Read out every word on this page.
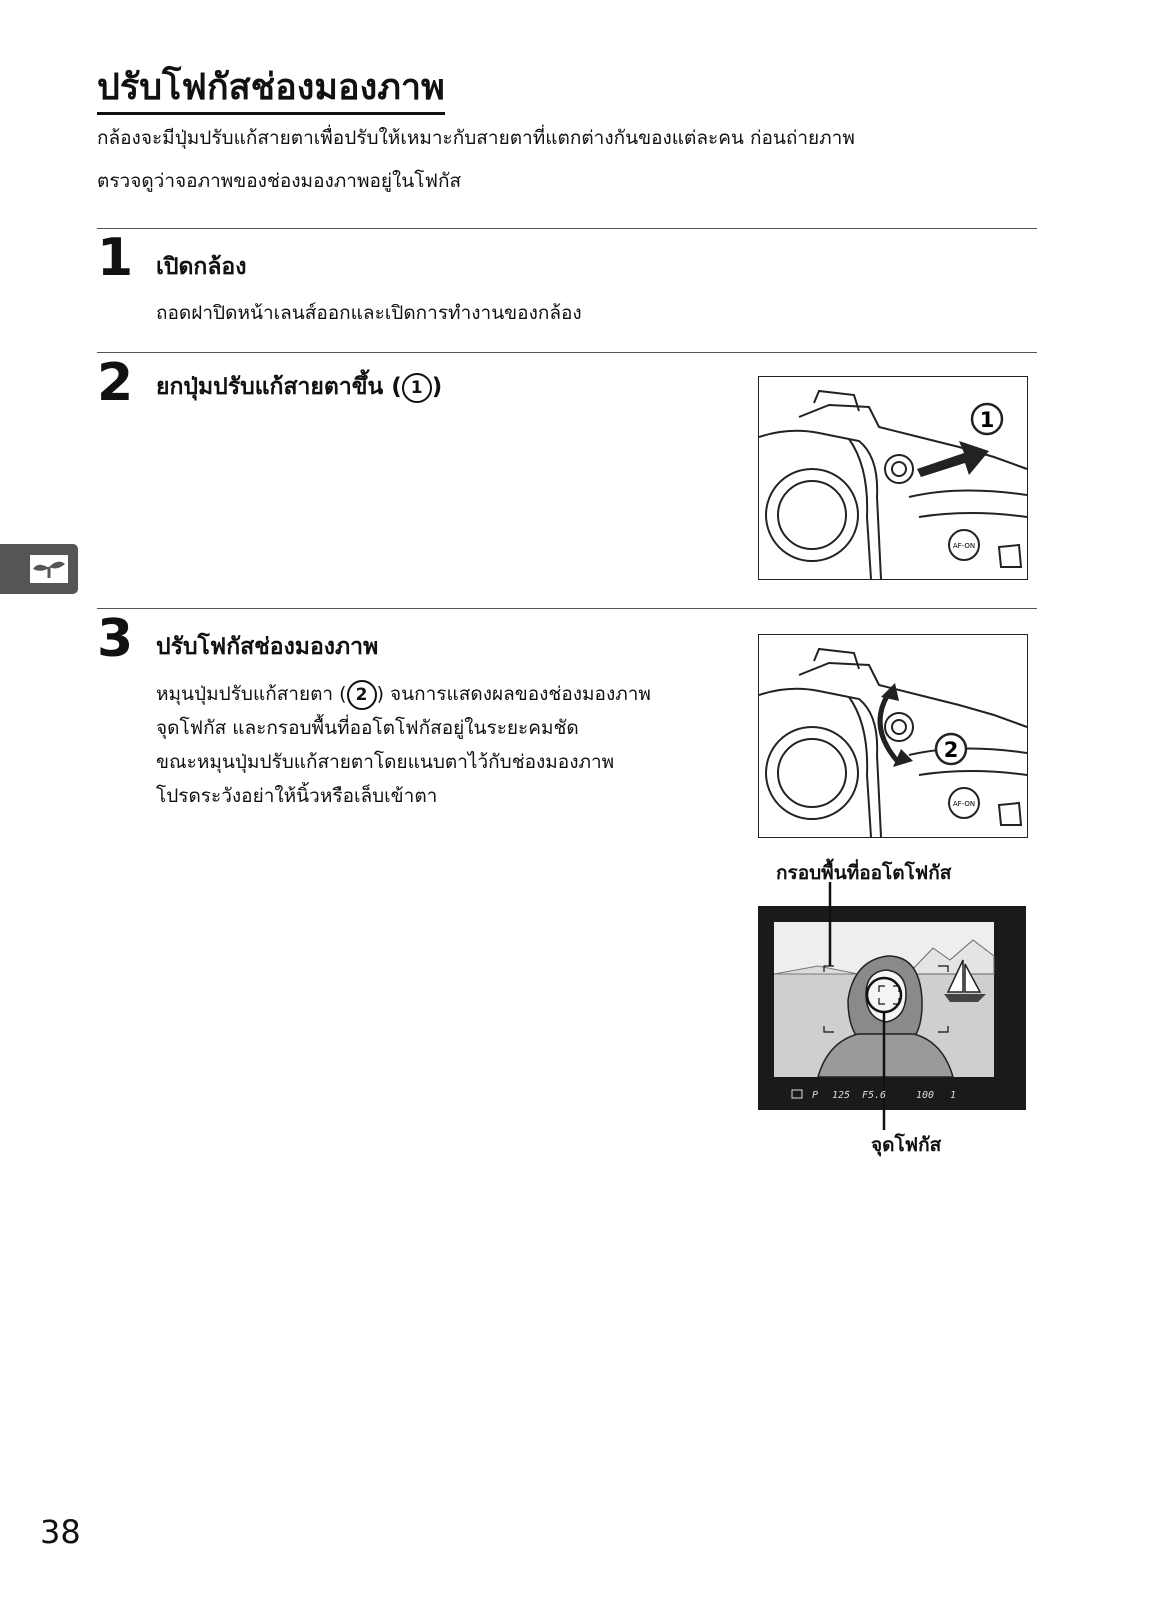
ปรับโฟกัสช่องมองภาพ
กล้องจะมีปุ่มปรับแก้สายตาเพื่อปรับให้เหมาะกับสายตาที่แตกต่างกันของแต่ละคน ก่อนถ่ายภาพ
ตรวจดูว่าจอภาพของช่องมองภาพอยู่ในโฟกัส
1 เปิดกล้อง
ถอดฝาปิดหน้าเลนส์ออกและเปิดการทำงานของกล้อง
2 ยกปุ่มปรับแก้สายตาขึ้น ( 1 )
1
AF-ON
3 ปรับโฟกัสช่องมองภาพ
หมุนปุ่มปรับแก้สายตา ( 2 ) จนการแสดงผลของช่องมองภาพ
จุดโฟกัส และกรอบพื้นที่ออโตโฟกัสอยู่ในระยะคมชัด
ขณะหมุนปุ่มปรับแก้สายตาโดยแนบตาไว้กับช่องมองภาพ
โปรดระวังอย่าให้นิ้วหรือเล็บเข้าตา
2
AF-ON
กรอบพื้นที่ออโตโฟกัส
P 125 F5.6	100 1
จุดโฟกัส
38
